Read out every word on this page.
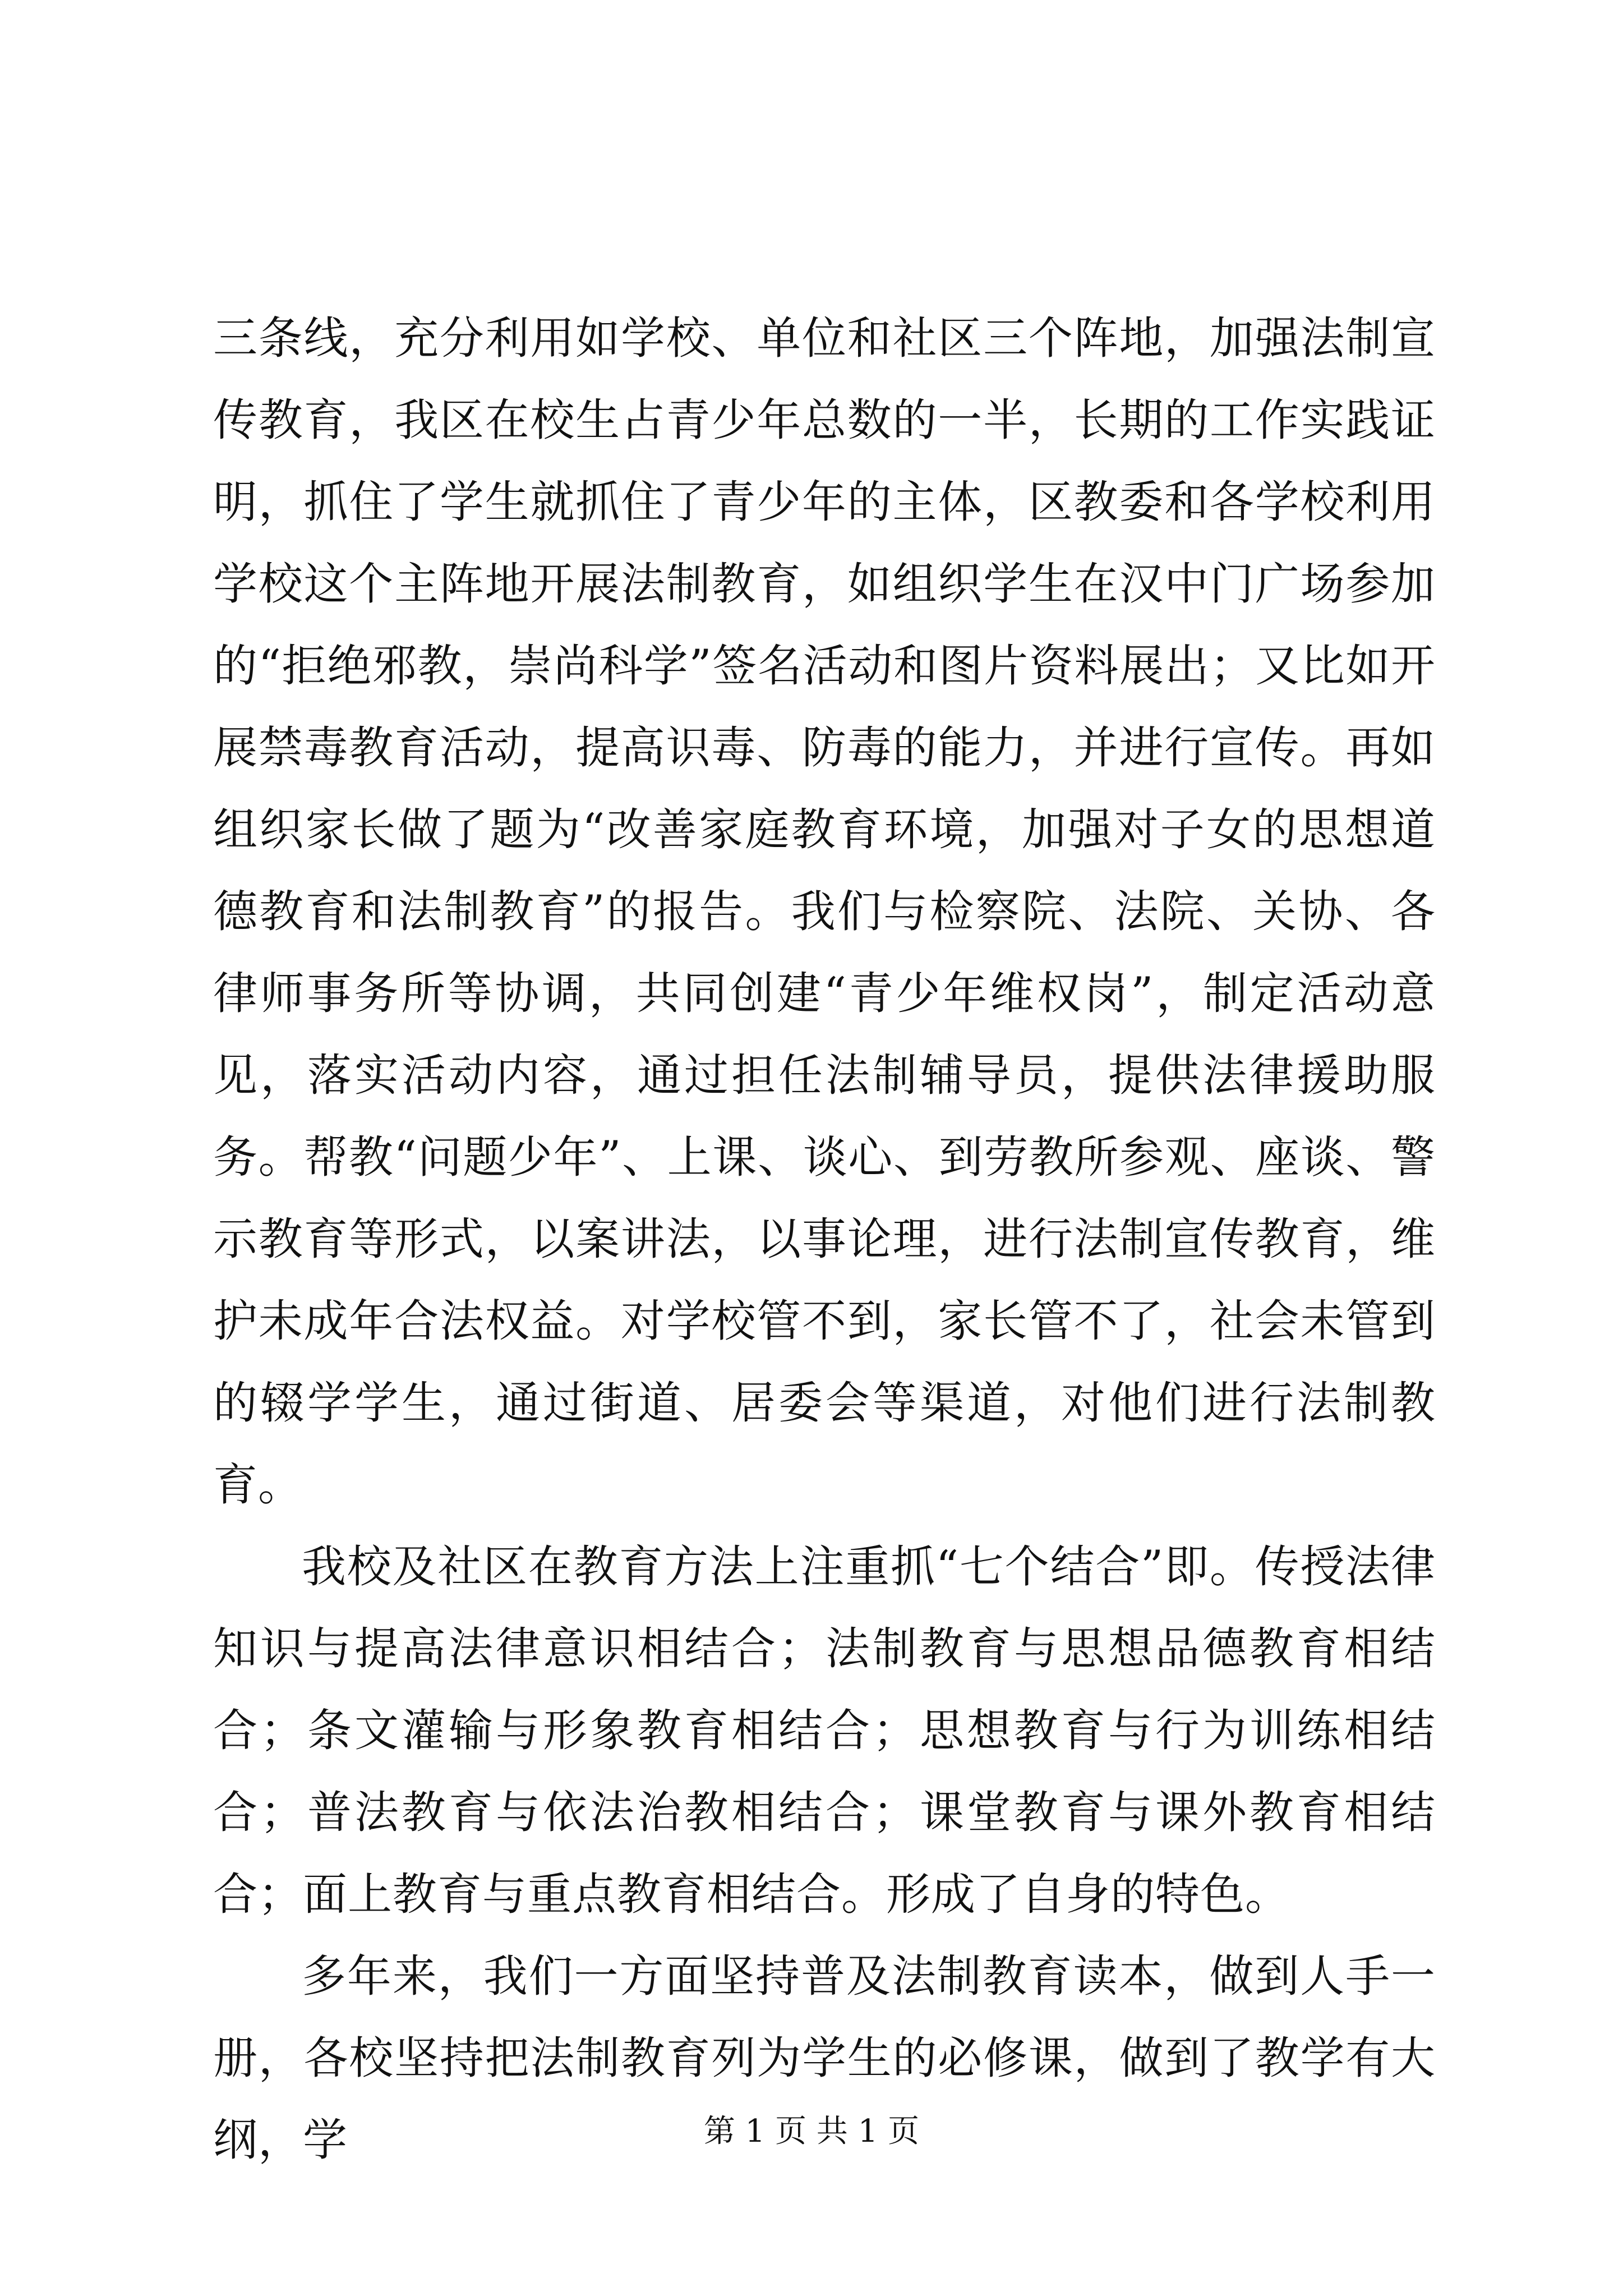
三条线，充分利用如学校、单位和社区三个阵地，加强法制宣传教育，我区在校生占青少年总数的一半，长期的工作实践证明，抓住了学生就抓住了青少年的主体，区教委和各学校利用学校这个主阵地开展法制教育，如组织学生在汉中门广场参加的“拒绝邪教，崇尚科学”签名活动和图片资料展出；又比如开展禁毒教育活动，提高识毒、防毒的能力，并进行宣传。再如组织家长做了题为“改善家庭教育环境，加强对子女的思想道德教育和法制教育”的报告。我们与检察院、法院、关协、各律师事务所等协调，共同创建“青少年维权岗”，制定活动意见，落实活动内容，通过担任法制辅导员，提供法律援助服务。帮教“问题少年”、上课、谈心、到劳教所参观、座谈、警示教育等形式，以案讲法，以事论理，进行法制宣传教育，维护未成年合法权益。对学校管不到，家长管不了，社会未管到的辍学学生，通过街道、居委会等渠道，对他们进行法制教育。

我校及社区在教育方法上注重抓“七个结合”即。传授法律知识与提高法律意识相结合；法制教育与思想品德教育相结合；条文灌输与形象教育相结合；思想教育与行为训练相结合；普法教育与依法治教相结合；课堂教育与课外教育相结合；面上教育与重点教育相结合。形成了自身的特色。

多年来，我们一方面坚持普及法制教育读本，做到人手一册，各校坚持把法制教育列为学生的必修课，做到了教学有大纲，学	第 1 页 共 1 页
